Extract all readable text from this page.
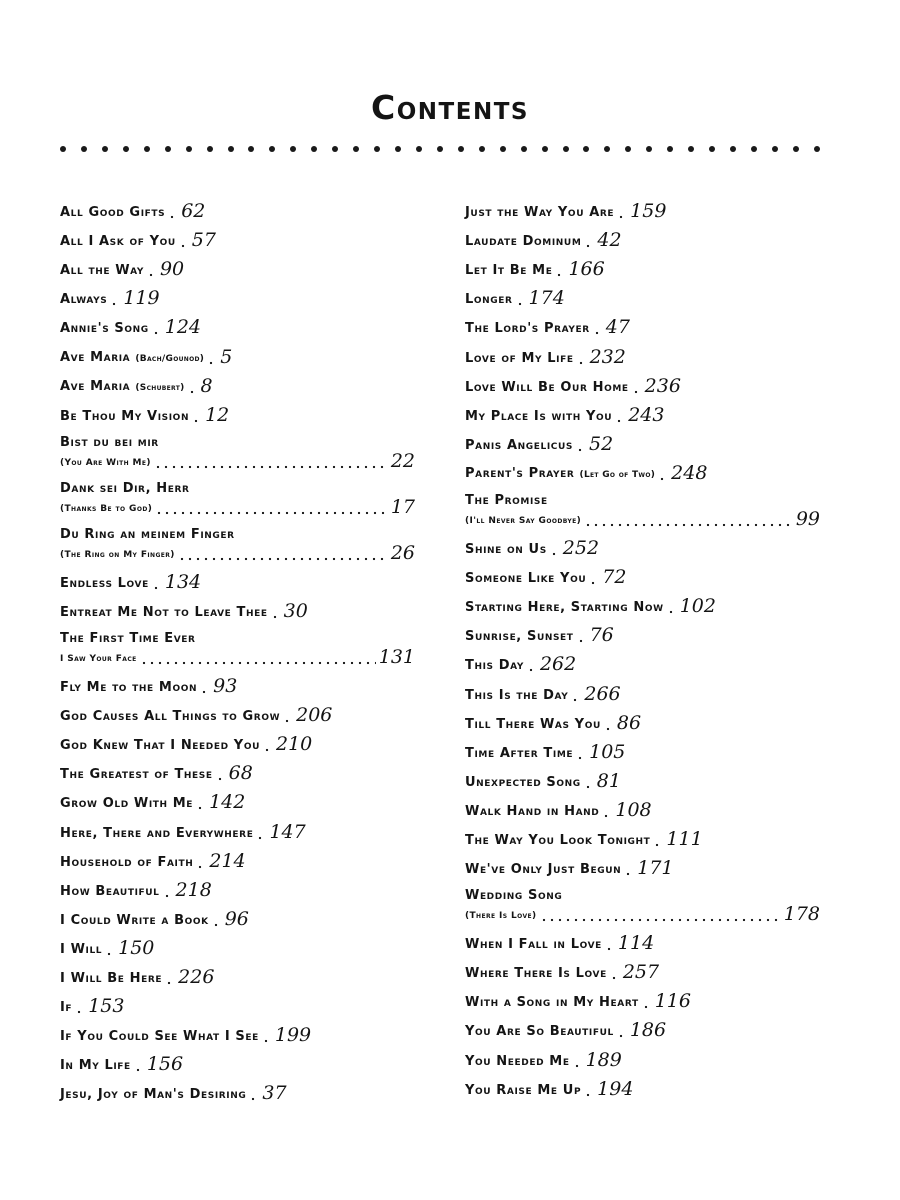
Contents
All Good Gifts 62
All I Ask of You 57
All the Way 90
Always 119
Annie's Song 124
Ave Maria (Bach/Gounod) 5
Ave Maria (Schubert) 8
Be Thou My Vision 12
Bist du bei mir
(You Are With Me)	22
Dank sei Dir, Herr
(Thanks Be to God)	17
Du Ring an meinem Finger
(The Ring on My Finger)	26
Endless Love 134
Entreat Me Not to Leave Thee 30
The First Time Ever
I Saw Your Face	131
Fly Me to the Moon 93
God Causes All Things to Grow 206
God Knew That I Needed You 210
The Greatest of These 68
Grow Old With Me 142
Here, There and Everywhere 147
Household of Faith 214
How Beautiful 218
I Could Write a Book 96
I Will 150
I Will Be Here 226
If 153
If You Could See What I See 199
In My Life 156
Jesu, Joy of Man's Desiring 37
Just the Way You Are 159
Laudate Dominum 42
Let It Be Me 166
Longer 174
The Lord's Prayer 47
Love of My Life 232
Love Will Be Our Home 236
My Place Is with You 243
Panis Angelicus 52
Parent's Prayer (Let Go of Two) 248
The Promise
(I'll Never Say Goodbye)	99
Shine on Us 252
Someone Like You 72
Starting Here, Starting Now 102
Sunrise, Sunset 76
This Day 262
This Is the Day 266
Till There Was You 86
Time After Time 105
Unexpected Song 81
Walk Hand in Hand 108
The Way You Look Tonight 111
We've Only Just Begun 171
Wedding Song
(There Is Love)	178
When I Fall in Love 114
Where There Is Love 257
With a Song in My Heart 116
You Are So Beautiful 186
You Needed Me 189
You Raise Me Up 194
